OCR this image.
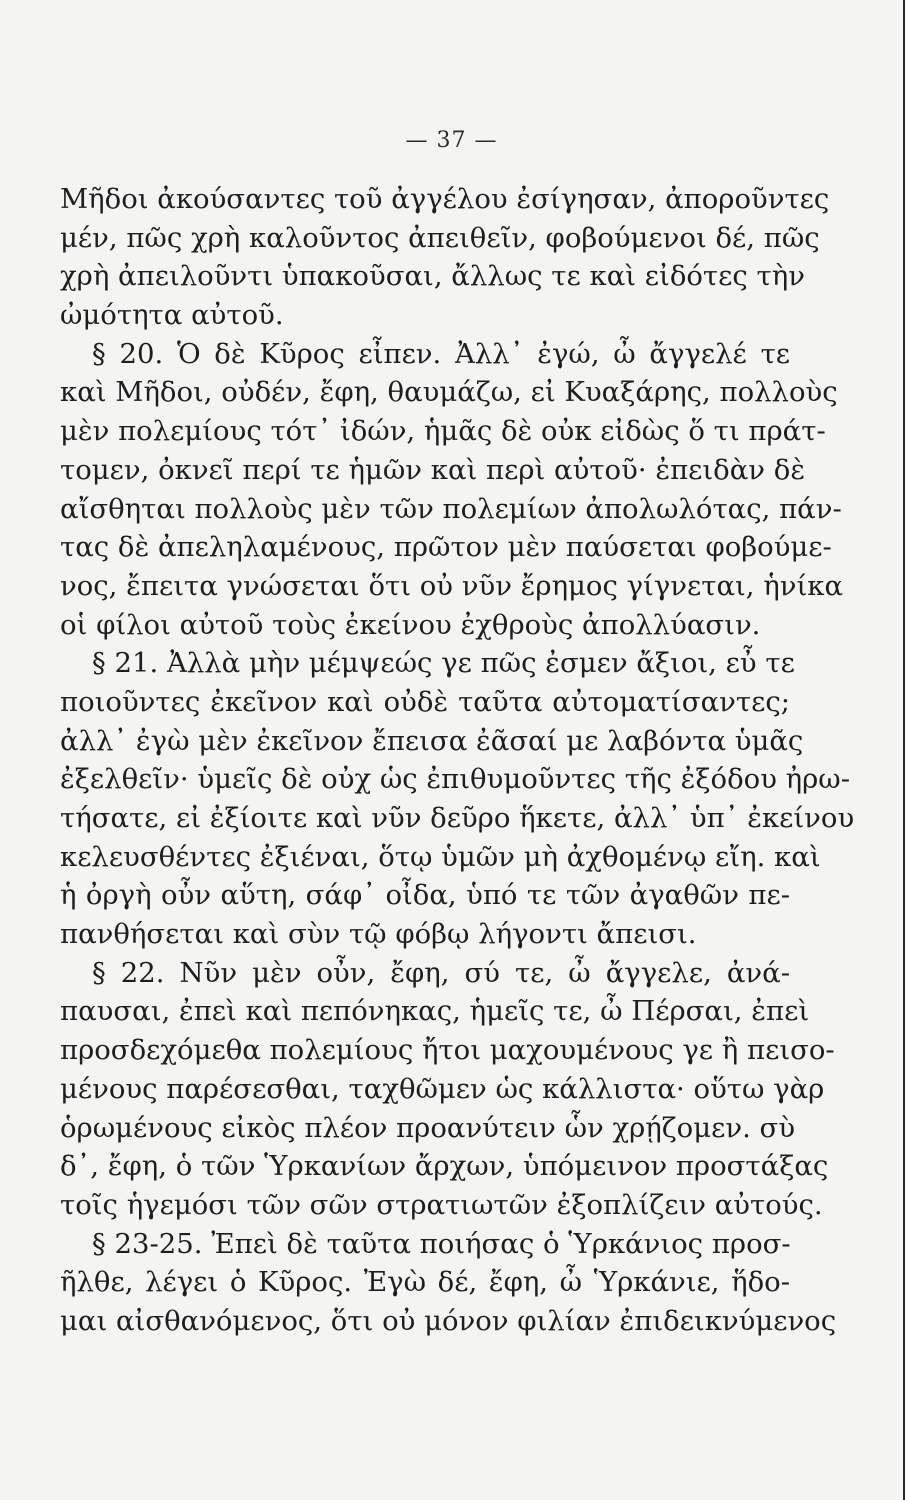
— 37 —
Μῆδοι ἀκούσαντες τοῦ ἀγγέλου ἐσίγησαν, ἀποροῦντες
μέν, πῶς χρὴ καλοῦντος ἀπειθεῖν, φοβούμενοι δέ, πῶς
χρὴ ἀπειλοῦντι ὑπακοῦσαι, ἄλλως τε καὶ εἰδότες τὴν
ὠμότητα αὐτοῦ.
§ 20. Ὁ δὲ Κῦρος εἶπεν. Ἀλλ᾽ ἐγώ, ὦ ἄγγελέ τε
καὶ Μῆδοι, οὐδέν, ἔφη, θαυμάζω, εἰ Κυαξάρης, πολλοὺς
μὲν πολεμίους τότ᾽ ἰδών, ἡμᾶς δὲ οὐκ εἰδὼς ὅ τι πράτ-
τομεν, ὀκνεῖ περί τε ἡμῶν καὶ περὶ αὐτοῦ· ἐπειδὰν δὲ
αἴσθηται πολλοὺς μὲν τῶν πολεμίων ἀπολωλότας, πάν-
τας δὲ ἀπεληλαμένους, πρῶτον μὲν παύσεται φοβούμε-
νος, ἔπειτα γνώσεται ὅτι οὐ νῦν ἔρημος γίγνεται, ἡνίκα
οἱ φίλοι αὐτοῦ τοὺς ἐκείνου ἐχθροὺς ἀπολλύασιν.
§ 21. Ἀλλὰ μὴν μέμψεώς γε πῶς ἐσμεν ἄξιοι, εὖ τε
ποιοῦντες ἐκεῖνον καὶ οὐδὲ ταῦτα αὐτοματίσαντες;
ἀλλ᾽ ἐγὼ μὲν ἐκεῖνον ἔπεισα ἐᾶσαί με λαβόντα ὑμᾶς
ἐξελθεῖν· ὑμεῖς δὲ οὐχ ὡς ἐπιθυμοῦντες τῆς ἐξόδου ἠρω-
τήσατε, εἰ ἐξίοιτε καὶ νῦν δεῦρο ἥκετε, ἀλλ᾽ ὑπ᾽ ἐκείνου
κελευσθέντες ἐξιέναι, ὅτῳ ὑμῶν μὴ ἀχθομένῳ εἴη. καὶ
ἡ ὀργὴ οὖν αὕτη, σάφ᾽ οἶδα, ὑπό τε τῶν ἀγαθῶν πε-
πανθήσεται καὶ σὺν τῷ φόβῳ λήγοντι ἄπεισι.
§ 22. Νῦν μὲν οὖν, ἔφη, σύ τε, ὦ ἄγγελε, ἀνά-
παυσαι, ἐπεὶ καὶ πεπόνηκας, ἡμεῖς τε, ὦ Πέρσαι, ἐπεὶ
προσδεχόμεθα πολεμίους ἤτοι μαχουμένους γε ἢ πεισο-
μένους παρέσεσθαι, ταχθῶμεν ὡς κάλλιστα· οὕτω γὰρ
ὁρωμένους εἰκὸς πλέον προανύτειν ὧν χρῄζομεν. σὺ
δ᾽, ἔφη, ὁ τῶν Ὑρκανίων ἄρχων, ὑπόμεινον προστάξας
τοῖς ἡγεμόσι τῶν σῶν στρατιωτῶν ἐξοπλίζειν αὐτούς.
§ 23-25. Ἐπεὶ δὲ ταῦτα ποιήσας ὁ Ὑρκάνιος προσ-
ῆλθε, λέγει ὁ Κῦρος. Ἐγὼ δέ, ἔφη, ὦ Ὑρκάνιε, ἥδο-
μαι αἰσθανόμενος, ὅτι οὐ μόνον φιλίαν ἐπιδεικνύμενος
